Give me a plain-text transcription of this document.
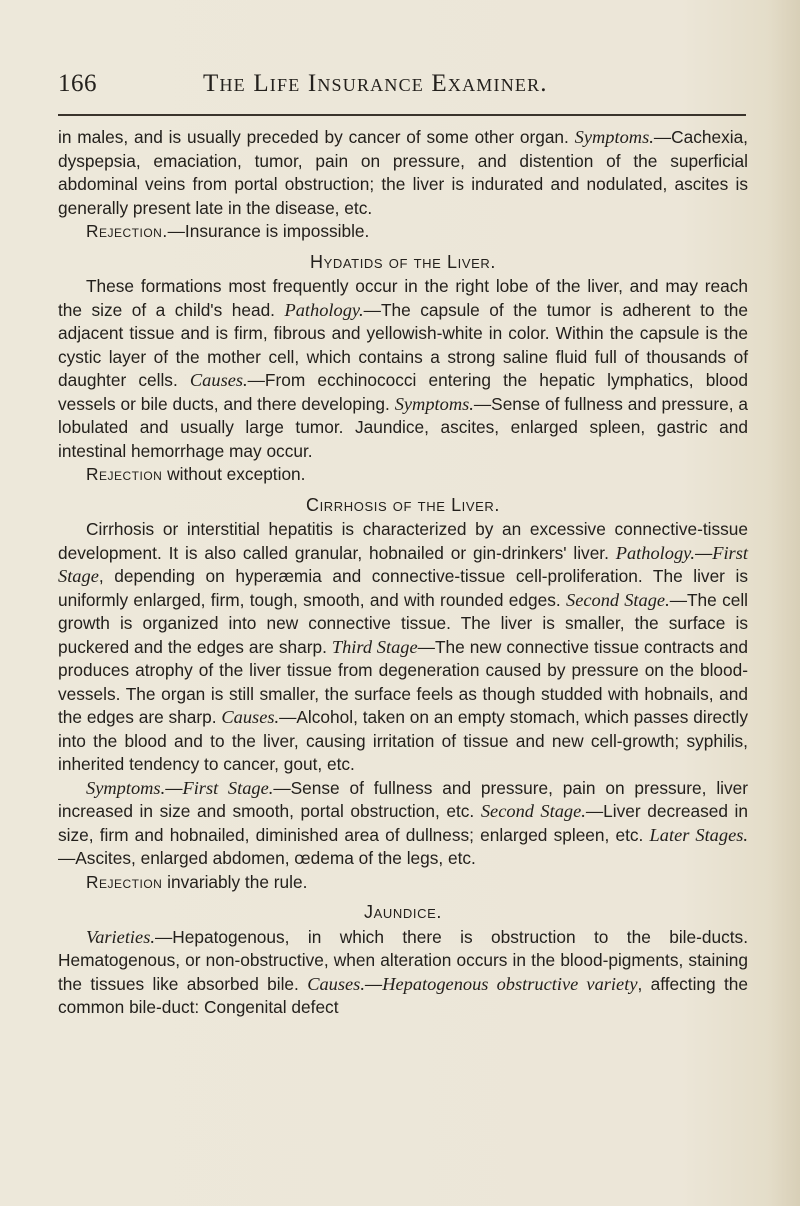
166	The Life Insurance Examiner.

in males, and is usually preceded by cancer of some other organ. Symptoms.—Cachexia, dyspepsia, emaciation, tumor, pain on pressure, and distention of the superficial abdominal veins from portal obstruction; the liver is indurated and nodulated, ascites is generally present late in the disease, etc.

Rejection.—Insurance is impossible.

Hydatids of the Liver.

These formations most frequently occur in the right lobe of the liver, and may reach the size of a child's head. Pathology.—The capsule of the tumor is adherent to the adjacent tissue and is firm, fibrous and yellowish-white in color. Within the capsule is the cystic layer of the mother cell, which contains a strong saline fluid full of thousands of daughter cells. Causes.—From ecchinococci entering the hepatic lymphatics, blood vessels or bile ducts, and there developing. Symptoms.—Sense of fullness and pressure, a lobulated and usually large tumor. Jaundice, ascites, enlarged spleen, gastric and intestinal hemorrhage may occur.

Rejection without exception.

Cirrhosis of the Liver.

Cirrhosis or interstitial hepatitis is characterized by an excessive connective-tissue development. It is also called granular, hobnailed or gin-drinkers' liver. Pathology.—First Stage, depending on hyperæmia and connective-tissue cell-proliferation. The liver is uniformly enlarged, firm, tough, smooth, and with rounded edges. Second Stage.—The cell growth is organized into new connective tissue. The liver is smaller, the surface is puckered and the edges are sharp. Third Stage—The new connective tissue contracts and produces atrophy of the liver tissue from degeneration caused by pressure on the blood-vessels. The organ is still smaller, the surface feels as though studded with hobnails, and the edges are sharp. Causes.—Alcohol, taken on an empty stomach, which passes directly into the blood and to the liver, causing irritation of tissue and new cell-growth; syphilis, inherited tendency to cancer, gout, etc.

Symptoms.—First Stage.—Sense of fullness and pressure, pain on pressure, liver increased in size and smooth, portal obstruction, etc. Second Stage.—Liver decreased in size, firm and hobnailed, diminished area of dullness; enlarged spleen, etc. Later Stages.—Ascites, enlarged abdomen, œdema of the legs, etc.

Rejection invariably the rule.

Jaundice.

Varieties.—Hepatogenous, in which there is obstruction to the bile-ducts. Hematogenous, or non-obstructive, when alteration occurs in the blood-pigments, staining the tissues like absorbed bile. Causes.—Hepatogenous obstructive variety, affecting the common bile-duct: Congenital defect
